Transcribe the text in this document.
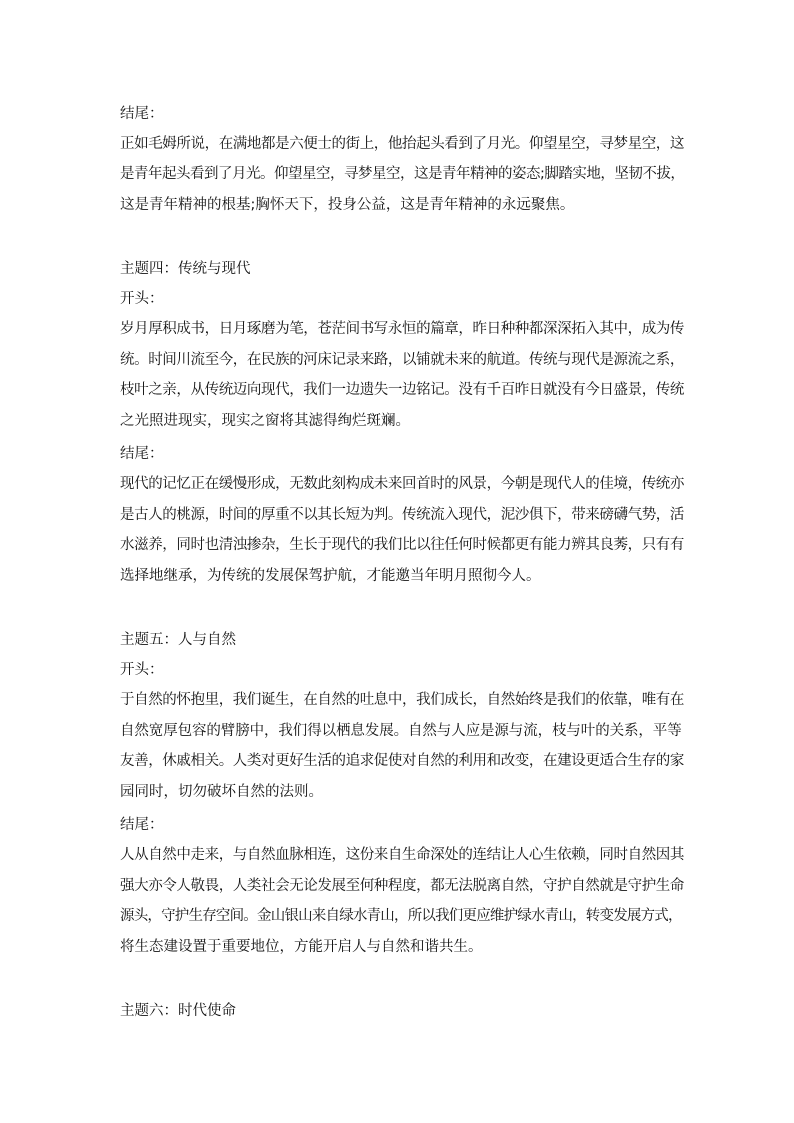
结尾：

正如毛姆所说，在满地都是六便士的街上，他抬起头看到了月光。仰望星空，寻梦星空，这

是青年起头看到了月光。仰望星空，寻梦星空，这是青年精神的姿态;脚踏实地，坚韧不拔，

这是青年精神的根基;胸怀天下，投身公益，这是青年精神的永远聚焦。

主题四：传统与现代

开头：

岁月厚积成书，日月琢磨为笔，苍茫间书写永恒的篇章，昨日种种都深深拓入其中，成为传

统。时间川流至今，在民族的河床记录来路，以铺就未来的航道。传统与现代是源流之系，

枝叶之亲，从传统迈向现代，我们一边遗失一边铭记。没有千百昨日就没有今日盛景，传统

之光照进现实，现实之窗将其滤得绚烂斑斓。

结尾：

现代的记忆正在缓慢形成，无数此刻构成未来回首时的风景，今朝是现代人的佳境，传统亦

是古人的桃源，时间的厚重不以其长短为判。传统流入现代，泥沙俱下，带来磅礴气势，活

水滋养，同时也清浊掺杂，生长于现代的我们比以往任何时候都更有能力辨其良莠，只有有

选择地继承，为传统的发展保驾护航，才能邀当年明月照彻今人。

主题五：人与自然

开头：

于自然的怀抱里，我们诞生，在自然的吐息中，我们成长，自然始终是我们的依靠，唯有在

自然宽厚包容的臂膀中，我们得以栖息发展。自然与人应是源与流，枝与叶的关系，平等

友善，休戚相关。人类对更好生活的追求促使对自然的利用和改变，在建设更适合生存的家

园同时，切勿破坏自然的法则。

结尾：

人从自然中走来，与自然血脉相连，这份来自生命深处的连结让人心生依赖，同时自然因其

强大亦令人敬畏，人类社会无论发展至何种程度，都无法脱离自然，守护自然就是守护生命

源头，守护生存空间。金山银山来自绿水青山，所以我们更应维护绿水青山，转变发展方式，

将生态建设置于重要地位，方能开启人与自然和谐共生。

主题六：时代使命
